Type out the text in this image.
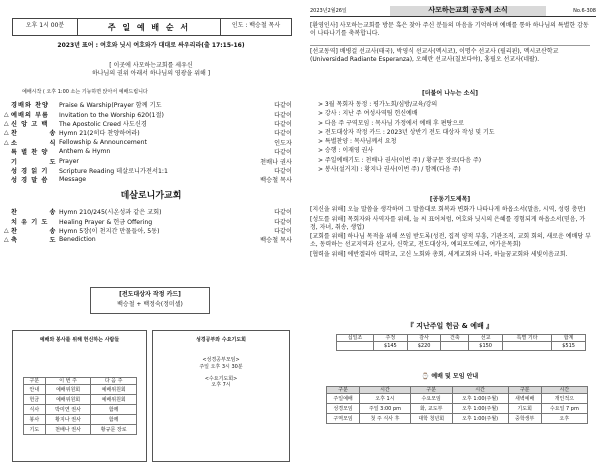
오후 1시 00분	주 일 예 배 순 서	인도 : 백승철 목사
2023년 표어 : 여호와 닛시 여호와가 대대로 싸우리라(출 17:15-16)
[ 이곳에 사모하는교회를 세우신
하나님의 권위 아래서 하나님의 영광을 위해 ]
예배시작 ( 오후 1:00 소는 기능하면 앉아서 예배드립니다
경배와 찬양	Praise & Warship(Prayer 함께 기도	다같이
△ 예배의 부름	Invitation to the Worship 620(1절)	다같이
△ 신 앙 고 백	The Apostolic Creed 사도신경	다같이
△ 찬          송 Hymn 21(2히다 찬양하여라)	다같이
△ 소          식 Fellowship & Announcement	인도자
특 별 찬 양	Anthem & Hymn	다같이
기          도 Prayer	천배나 권사
성 경 읽 기	Scripture Reading 데살로니가전서1:1	다같이
성 경 말 씀	Message	백승철 목사
데살로니가교회
찬          송 Hymn 210/245(시온성과 같은 교회)	다같이
치 유 기 도	Healing Prayer & 헌금 Offering	다같이
△ 찬          송 Hymn 5장(이 천지간 만물들아, 5동)	다같이
△ 축          도 Benediction	백승철 목사
[전도대상자 작정 카드]
백승철 + 백정숙(정미셀)
예배와 봉사를 위해 헌신하는 사람들
구분	이 번 주	다 음 주
안내	예배위원회	예배위원회
헌금	예배위원회	예배위원회
식사	박미연 권사	함께
봉사	황지나 권사	함께
기도	천배나 권사	황규문 장로
성경공부와 수요기도회
<성경공부모임>
주일 오후 3시 30분
<수요기도회>
오후 7시
2023년2월26일	사모하는교회 공동체 소식	No.6-308
[환영인사] 사모하는교회를 방문 혹은 찾아 주신 분들의 마음을 기억하며 예배를 통하 하나님의 특별한 감동이 나타나기를 축복합니다.
[선교동역] 배병걸 선교사(태국), 박영식 선교사(멕시코), 이명수 선교사 (필리핀), 멕시코산학교(Universidad Radiante Esperanza), 오혜란 선교사(칠보다야), 홍필오 선교사(네팔).
[더불어 나누는 소식]
> 3월 목회자 동정 : 평가노회/심방/교육/강의
> 강사 : 지난 주 여성사역팀 헌신예배
> 다음 주 구역모임 : 목사님 가정에서 예배 후 편탕으로
> 전도대상자 작정 카드 : 2023년 상반기 전도 대상자 작성 및 기도
> 특별찬양 : 목사님께서 요청
> 승행 : 이재영 권사
> 주일예배기도 : 천배나 권사(이번 주) / 황규문 장로(다음 주)
> 봉사(설거지) : 황지나 권사(이번 주) / 함께(다음 주)
[공동기도제목]
[지신을 위해] 오늘 말씀을 생각하며 그 말씀대로 회복과 변화가 나타나게 하옵소서(말음, 시역, 성령 충만)
[성도를 위해] 목회자와 사역자를 위해, 늘 씨 표어처럼, 여호와 닛시의 은혜를 경험되게 하옵소서(믿음, 가정, 자녀, 취송, 생업)
[교회를 위해] 하나님 목적을 위해 쓰임 받도록(성전, 집적 양적 부흥, 기관조직, 교회 회의, 새로운 예배당 부소, 동력하는 선교지역과 선교사, 신학교, 전도대상자, 예피포도예교, 여가운목회)
[협력을 위해] 에반겔리아 대학교, 고신 노회와 총회, 세계교회와 나라, 하늘꿈교회와 세빛이음교회.
『 지난주일 헌금 & 예배 』
십일조	주정	감사	건축	선교	특별 기타	합계
	$145	$220		$150		$515
⌚ 예배 및 모임 안내
구분	시간	구분	시간	구분	시간
주일예배	오후 1시	수요모임	오후 1:00(주월)	새벽예배	개인적으
성경모임	주일 3:00 pm	화, 교도부	오후 1:00(주월)	기도회	수요일 7 pm
구역모임	첫 주 식사 후	대학 청년회	오후 1:00(주월)	중학생부	오후
